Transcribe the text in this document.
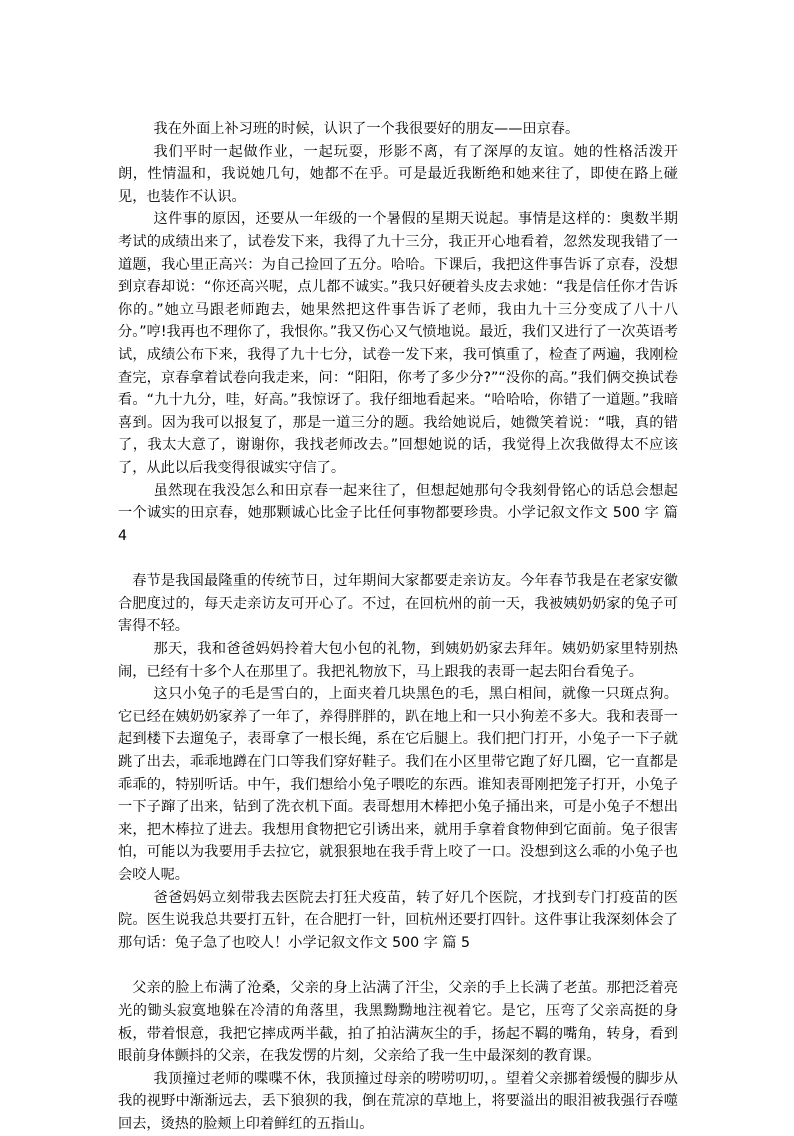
我在外面上补习班的时候，认识了一个我很要好的朋友——田京春。

我们平时一起做作业，一起玩耍，形影不离，有了深厚的友谊。她的性格活泼开朗，性情温和，我说她几句，她都不在乎。可是最近我断绝和她来往了，即使在路上碰见，也装作不认识。

这件事的原因，还要从一年级的一个暑假的星期天说起。事情是这样的：奥数半期考试的成绩出来了，试卷发下来，我得了九十三分，我正开心地看着，忽然发现我错了一道题，我心里正高兴：为自己捡回了五分。哈哈。下课后，我把这件事告诉了京春，没想到京春却说：“你还高兴呢，点儿都不诚实。”我只好硬着头皮去求她：“我是信任你才告诉你的。”她立马跟老师跑去，她果然把这件事告诉了老师，我由九十三分变成了八十八分。”哼!我再也不理你了，我恨你。”我又伤心又气愤地说。最近，我们又进行了一次英语考试，成绩公布下来，我得了九十七分，试卷一发下来，我可慎重了，检查了两遍，我刚检查完，京春拿着试卷向我走来，问：“阳阳，你考了多少分?”“没你的高。”我们俩交换试卷看。“九十九分，哇，好高。”我惊讶了。我仔细地看起来。“哈哈哈，你错了一道题。”我暗喜到。因为我可以报复了，那是一道三分的题。我给她说后，她微笑着说：“哦，真的错了，我太大意了，谢谢你，我找老师改去。”回想她说的话，我觉得上次我做得太不应该了，从此以后我变得很诚实守信了。

虽然现在我没怎么和田京春一起来往了，但想起她那句令我刻骨铭心的话总会想起一个诚实的田京春，她那颗诚心比金子比任何事物都要珍贵。小学记叙文作文 500 字 篇 4

春节是我国最隆重的传统节日，过年期间大家都要走亲访友。今年春节我是在老家安徽合肥度过的，每天走亲访友可开心了。不过，在回杭州的前一天，我被姨奶奶家的兔子可害得不轻。

那天，我和爸爸妈妈拎着大包小包的礼物，到姨奶奶家去拜年。姨奶奶家里特别热闹，已经有十多个人在那里了。我把礼物放下，马上跟我的表哥一起去阳台看兔子。

这只小兔子的毛是雪白的，上面夹着几块黑色的毛，黑白相间，就像一只斑点狗。它已经在姨奶奶家养了一年了，养得胖胖的，趴在地上和一只小狗差不多大。我和表哥一起到楼下去遛兔子，表哥拿了一根长绳，系在它后腿上。我们把门打开，小兔子一下子就跳了出去，乖乖地蹲在门口等我们穿好鞋子。我们在小区里带它跑了好几圈，它一直都是乖乖的，特别听话。中午，我们想给小兔子喂吃的东西。谁知表哥刚把笼子打开，小兔子一下子蹿了出来，钻到了洗衣机下面。表哥想用木棒把小兔子捅出来，可是小兔子不想出来，把木棒拉了进去。我想用食物把它引诱出来，就用手拿着食物伸到它面前。兔子很害怕，可能以为我要用手去拉它，就狠狠地在我手背上咬了一口。没想到这么乖的小兔子也会咬人呢。

爸爸妈妈立刻带我去医院去打狂犬疫苗，转了好几个医院，才找到专门打疫苗的医院。医生说我总共要打五针，在合肥打一针，回杭州还要打四针。这件事让我深刻体会了那句话：兔子急了也咬人！小学记叙文作文 500 字 篇 5

父亲的脸上布满了沧桑，父亲的身上沾满了汗尘，父亲的手上长满了老茧。那把泛着亮光的锄头寂寞地躲在冷清的角落里，我黑黝黝地注视着它。是它，压弯了父亲高挺的身板，带着恨意，我把它摔成两半截，拍了拍沾满灰尘的手，扬起不羁的嘴角，转身，看到眼前身体颤抖的父亲，在我发愣的片刻，父亲给了我一生中最深刻的教育课。

我顶撞过老师的喋喋不休，我顶撞过母亲的唠唠叨叨，。望着父亲挪着缓慢的脚步从我的视野中渐渐远去，丢下狼狈的我，倒在荒凉的草地上，将要溢出的眼泪被我强行吞噬回去，烫热的脸颊上印着鲜红的五指山。
